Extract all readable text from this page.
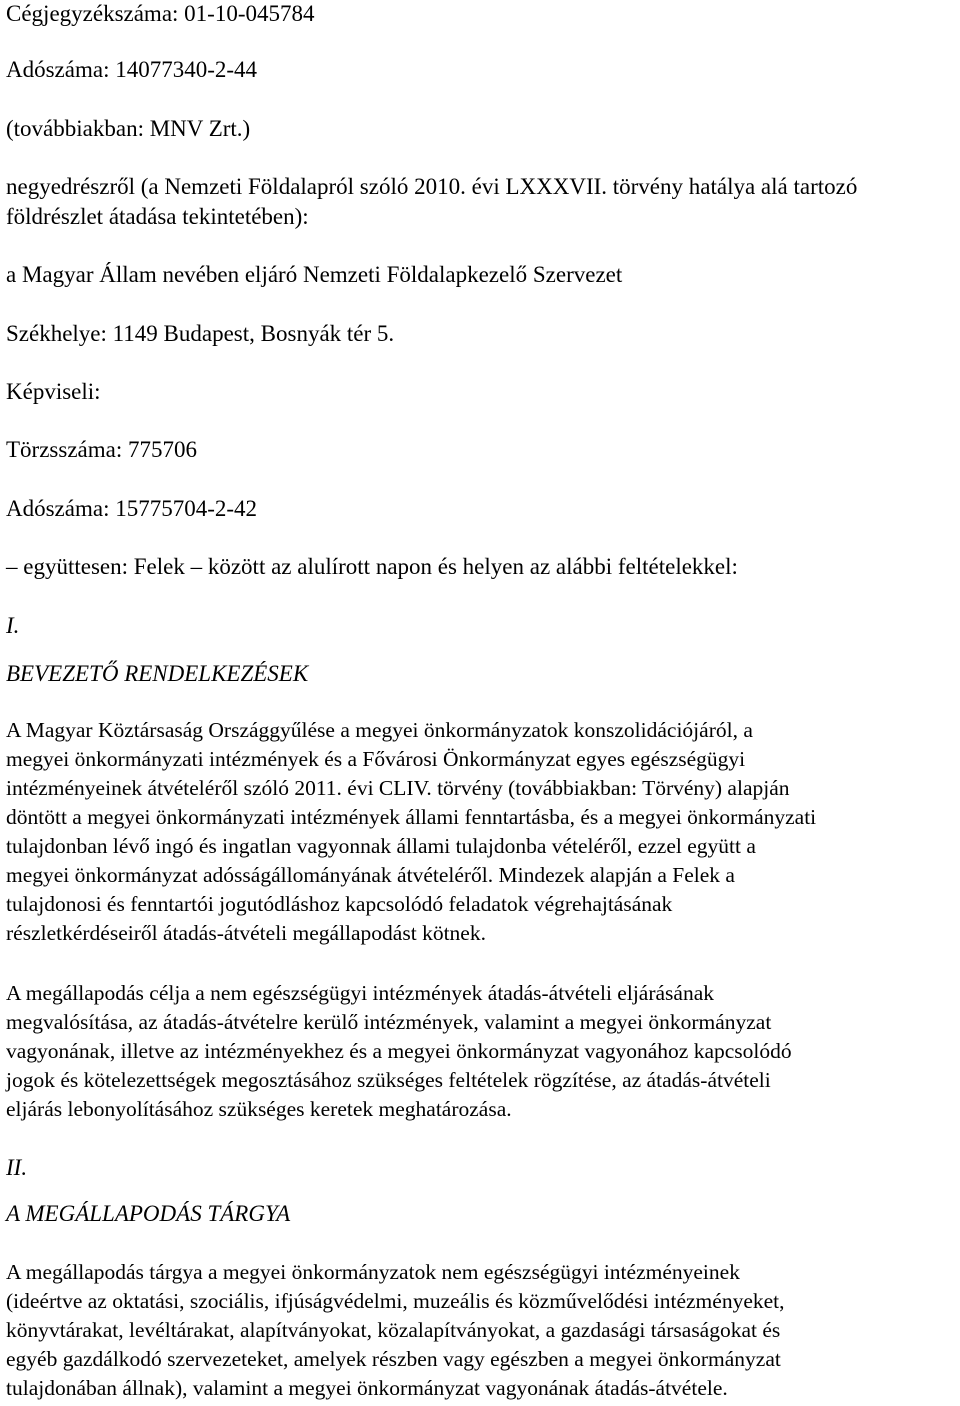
Cégjegyzékszáma: 01-10-045784

Adószáma: 14077340-2-44

(továbbiakban: MNV Zrt.)

negyedrészről (a Nemzeti Földalapról szóló 2010. évi LXXXVII. törvény hatálya alá tartozó

földrészlet átadása tekintetében):

a Magyar Állam nevében eljáró Nemzeti Földalapkezelő Szervezet

Székhelye: 1149 Budapest, Bosnyák tér 5.

Képviseli:

Törzsszáma: 775706

Adószáma: 15775704-2-42

– együttesen: Felek – között az alulírott napon és helyen az alábbi feltételekkel:

I.

BEVEZETŐ RENDELKEZÉSEK

A Magyar Köztársaság Országgyűlése a megyei önkormányzatok konszolidációjáról, a
megyei önkormányzati intézmények és a Fővárosi Önkormányzat egyes egészségügyi
intézményeinek átvételéről szóló 2011. évi CLIV. törvény (továbbiakban: Törvény) alapján
döntött a megyei önkormányzati intézmények állami fenntartásba, és a megyei önkormányzati
tulajdonban lévő ingó és ingatlan vagyonnak állami tulajdonba vételéről, ezzel együtt a
megyei önkormányzat adósságállományának átvételéről. Mindezek alapján a Felek a
tulajdonosi és fenntartói jogutódláshoz kapcsolódó feladatok végrehajtásának
részletkérdéseiről átadás-átvételi megállapodást kötnek.
A megállapodás célja a nem egészségügyi intézmények átadás-átvételi eljárásának
megvalósítása, az átadás-átvételre kerülő intézmények, valamint a megyei önkormányzat
vagyonának, illetve az intézményekhez és a megyei önkormányzat vagyonához kapcsolódó
jogok és kötelezettségek megosztásához szükséges feltételek rögzítése, az átadás-átvételi
eljárás lebonyolításához szükséges keretek meghatározása.

II.

A MEGÁLLAPODÁS TÁRGYA

A megállapodás tárgya a megyei önkormányzatok nem egészségügyi intézményeinek
(ideértve az oktatási, szociális, ifjúságvédelmi, muzeális és közművelődési intézményeket,
könyvtárakat, levéltárakat, alapítványokat, közalapítványokat, a gazdasági társaságokat és
egyéb gazdálkodó szervezeteket, amelyek részben vagy egészben a megyei önkormányzat
tulajdonában állnak), valamint a megyei önkormányzat vagyonának átadás-átvétele.
